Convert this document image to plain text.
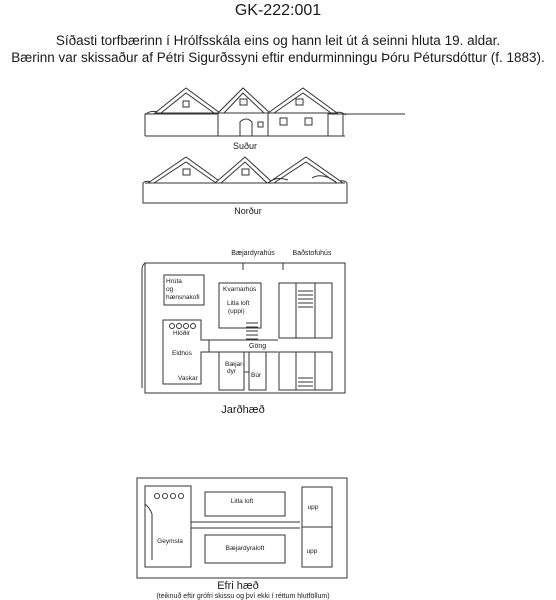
GK-222:001
Síðasti torfbærinn í Hrólfsskála eins og hann leit út á seinni hluta 19. aldar.
Bærinn var skissaður af Pétri Sigurðssyni eftir endurminningu Þóru Pétursdóttur (f. 1883).
Suður
Norður
Bæjardyrahús	Baðstofuhús
Hrúta
og
hænsnakofi
Kvarnarhús
Litla loft
(uppi)
Hlóðir
Göng
Eldhús
Bæjar-
dyr
Búr
Vaskar
Jarðhæð
Litla loft
upp
Geymsla
Bæjardyraloft	upp
Efri hæð
(teiknuð eftir grófri skissu og því ekki í réttum hlutföllum)
